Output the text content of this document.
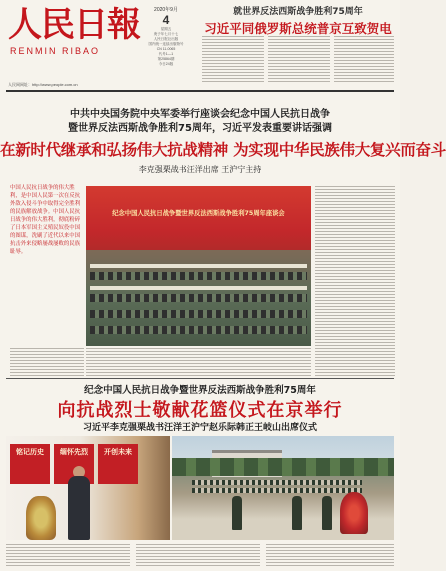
人民日報
RENMIN RIBAO
人民网网址：http://www.people.com.cn
2020年9月
4
星期五
庚子年七月十七
人民日报社出版
国内统一连续出版物号
CN 11-0065
代号1—1
第25864期
今日24版
就世界反法西斯战争胜利75周年
习近平同俄罗斯总统普京互致贺电
中共中央国务院中央军委举行座谈会纪念中国人民抗日战争
暨世界反法西斯战争胜利75周年，习近平发表重要讲话强调
在新时代继承和弘扬伟大抗战精神 为实现中华民族伟大复兴而奋斗
李克强栗战书汪洋出席 王沪宁主持
中国人民抗日战争的伟大胜利，是中国人民第一次在反抗外敌入侵斗争中取得完全胜利的民族解放战争。中国人民抗日战争的伟大胜利，彻底粉碎了日本军国主义殖民奴役中国的图谋，洗刷了近代以来中国抗击外来侵略屡战屡败的民族耻辱。
纪念中国人民抗日战争暨世界反法西斯战争胜利75周年座谈会
纪念中国人民抗日战争暨世界反法西斯战争胜利75周年
向抗战烈士敬献花篮仪式在京举行
习近平李克强栗战书汪洋王沪宁赵乐际韩正王岐山出席仪式
铭记历史	缅怀先烈	开创未来
